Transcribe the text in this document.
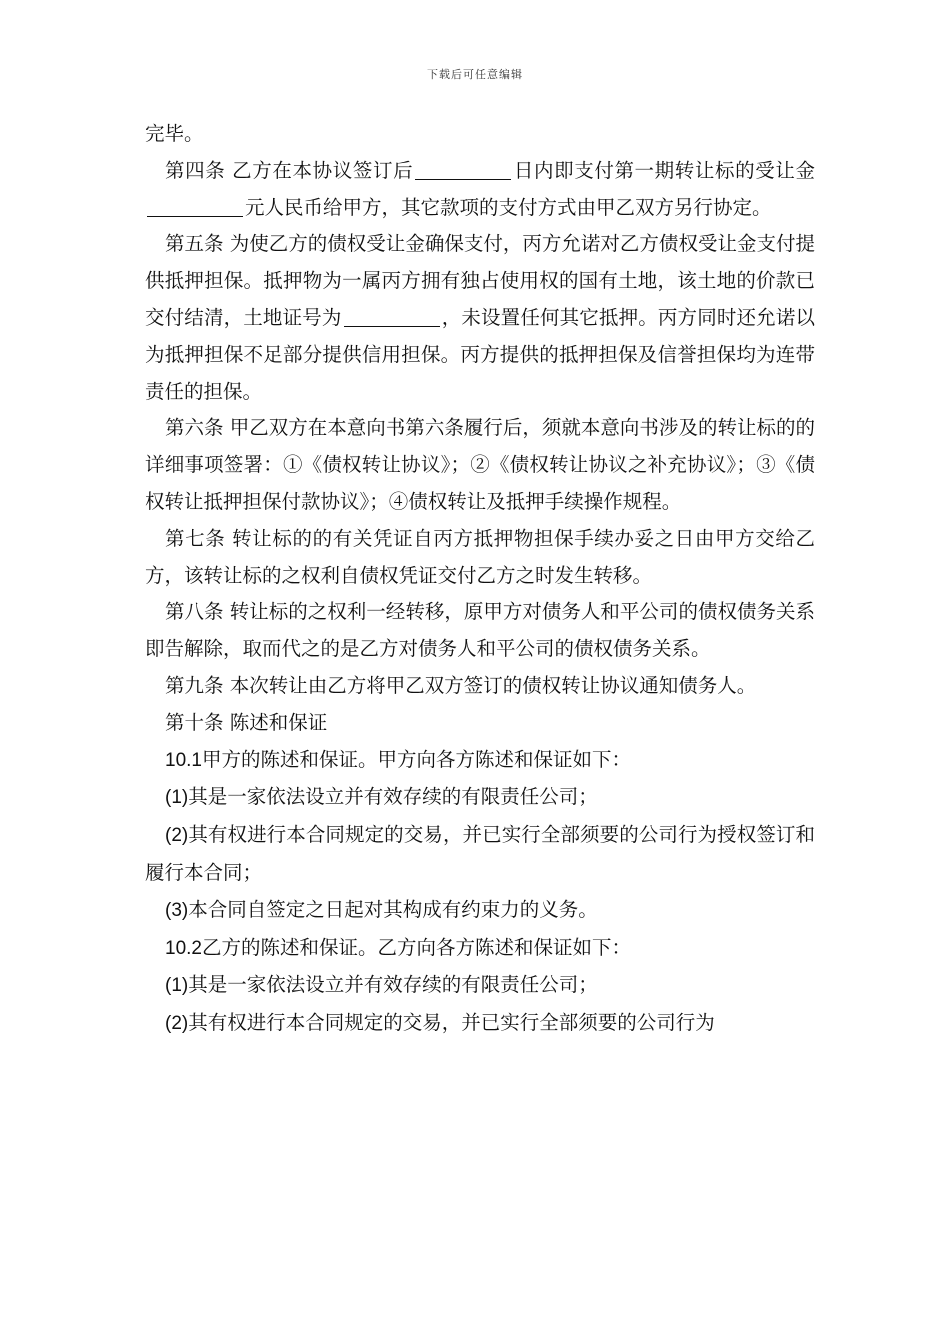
下载后可任意编辑

完毕。

第四条 乙方在本协议签订后	日内即支付第一期转让标的受让金元人民币给甲方，其它款项的支付方式由甲乙双方另行协定。

第五条 为使乙方的债权受让金确保支付，丙方允诺对乙方债权受让金支付提供抵押担保。抵押物为一属丙方拥有独占使用权的国有土地，该土地的价款已交付结清，土地证号为	，未设置任何其它抵押。丙方同时还允诺以为抵押担保不足部分提供信用担保。丙方提供的抵押担保及信誉担保均为连带责任的担保。

第六条 甲乙双方在本意向书第六条履行后，须就本意向书涉及的转让标的的详细事项签署：①《债权转让协议》；②《债权转让协议之补充协议》；③《债权转让抵押担保付款协议》；④债权转让及抵押手续操作规程。

第七条 转让标的的有关凭证自丙方抵押物担保手续办妥之日由甲方交给乙方，该转让标的之权利自债权凭证交付乙方之时发生转移。

第八条 转让标的之权利一经转移，原甲方对债务人和平公司的债权债务关系即告解除，取而代之的是乙方对债务人和平公司的债权债务关系。

第九条 本次转让由乙方将甲乙双方签订的债权转让协议通知债务人。

第十条 陈述和保证

10.1甲方的陈述和保证。甲方向各方陈述和保证如下：

(1)其是一家依法设立并有效存续的有限责任公司；

(2)其有权进行本合同规定的交易，并已实行全部须要的公司行为授权签订和履行本合同；

(3)本合同自签定之日起对其构成有约束力的义务。

10.2乙方的陈述和保证。乙方向各方陈述和保证如下：

(1)其是一家依法设立并有效存续的有限责任公司；

(2)其有权进行本合同规定的交易，并已实行全部须要的公司行为
